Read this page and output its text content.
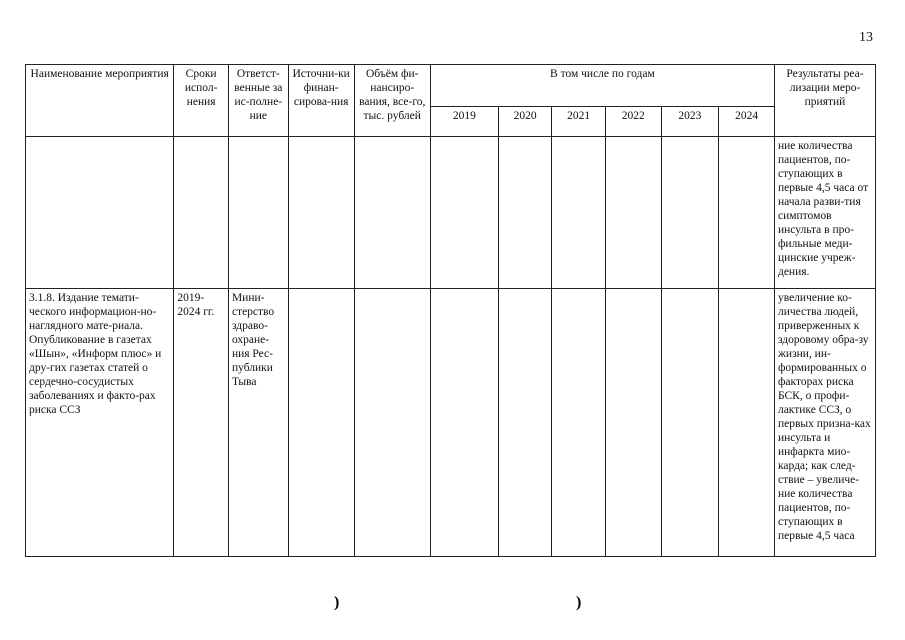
13
Наименование мероприятия	Сроки испол-нения	Ответст-венные за ис-полне-ние	Источни-ки финан-сирова-ния	Объём фи-нансиро-вания, все-го, тыс. рублей	В том числе по годам						Результаты реа-лизации меро-приятий
					2019	2020	2021	2022	2023	2024	
											ние количества пациентов, по-ступающих в первые 4,5 часа от начала разви-тия симптомов инсульта в про-фильные меди-цинские учреж-дения.
3.1.8. Издание темати-ческого информацион-но-наглядного мате-риала. Опубликование в газетах «Шын», «Информ плюс» и дру-гих газетах статей о сердечно-сосудистых заболеваниях и факто-рах риска ССЗ	2019-2024 гг.	Мини-стерство здраво-охране-ния Рес-публики Тыва									увеличение ко-личества людей, приверженных к здоровому обра-зу жизни, ин-формированных о факторах риска БСК, о профи-лактике ССЗ, о первых призна-ках инсульта и инфаркта мио-карда; как след-ствие – увеличе-ние количества пациентов, по-ступающих в первые 4,5 часа
)	)
